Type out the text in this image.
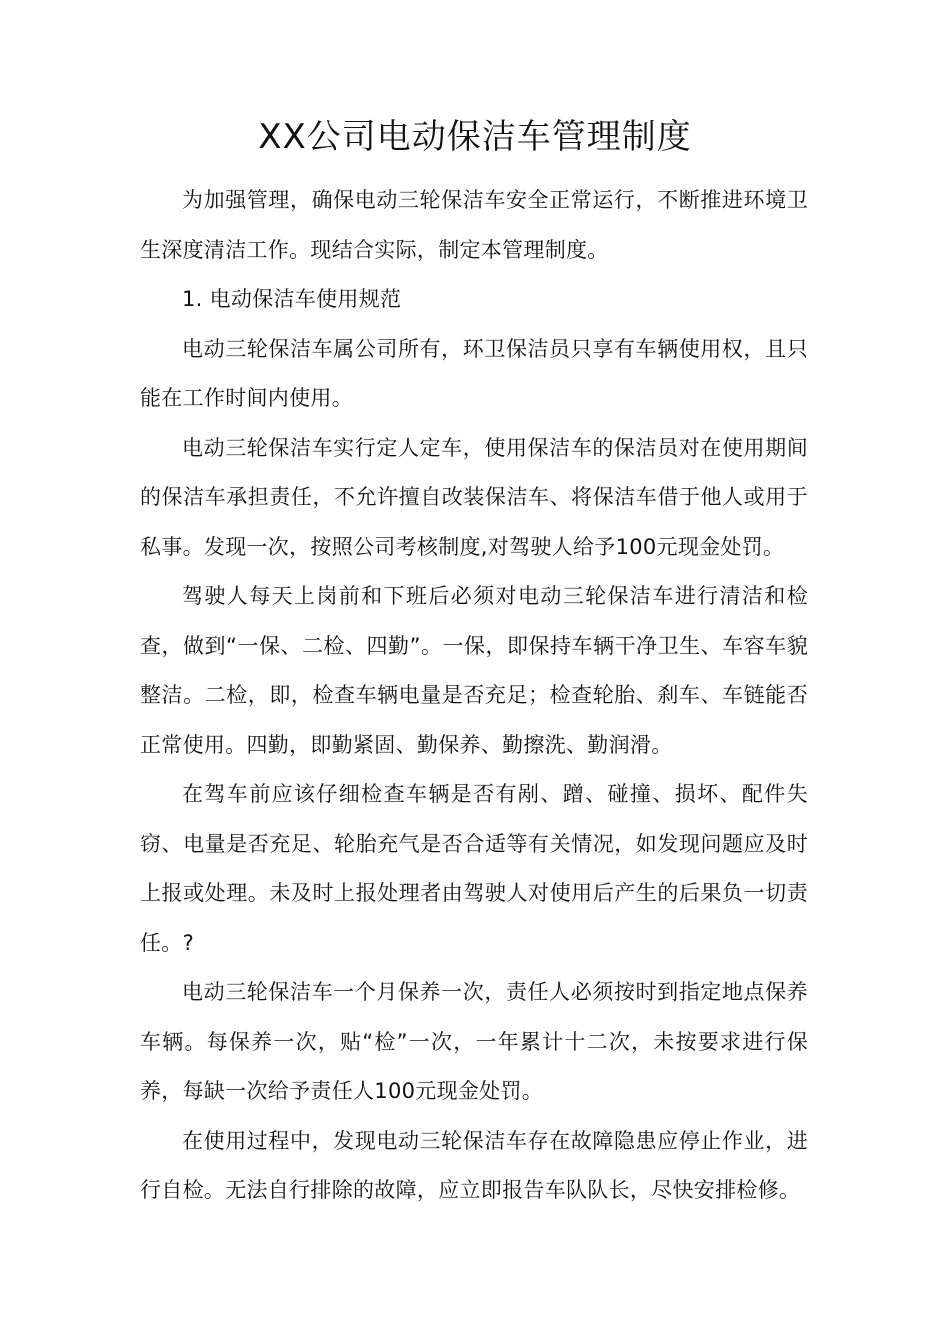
XX公司电动保洁车管理制度

为加强管理，确保电动三轮保洁车安全正常运行，不断推进环境卫生深度清洁工作。现结合实际，制定本管理制度。

1. 电动保洁车使用规范

电动三轮保洁车属公司所有，环卫保洁员只享有车辆使用权，且只能在工作时间内使用。

电动三轮保洁车实行定人定车，使用保洁车的保洁员对在使用期间的保洁车承担责任，不允许擅自改装保洁车、将保洁车借于他人或用于私事。发现一次，按照公司考核制度,对驾驶人给予100元现金处罚。

驾驶人每天上岗前和下班后必须对电动三轮保洁车进行清洁和检查，做到“一保、二检、四勤”。一保，即保持车辆干净卫生、车容车貌整洁。二检，即，检查车辆电量是否充足；检查轮胎、刹车、车链能否正常使用。四勤，即勤紧固、勤保养、勤擦洗、勤润滑。

在驾车前应该仔细检查车辆是否有剐、蹭、碰撞、损坏、配件失窃、电量是否充足、轮胎充气是否合适等有关情况，如发现问题应及时上报或处理。未及时上报处理者由驾驶人对使用后产生的后果负一切责任。?

电动三轮保洁车一个月保养一次，责任人必须按时到指定地点保养车辆。每保养一次，贴“检”一次，一年累计十二次，未按要求进行保养，每缺一次给予责任人100元现金处罚。

在使用过程中，发现电动三轮保洁车存在故障隐患应停止作业，进行自检。无法自行排除的故障，应立即报告车队队长，尽快安排检修。
